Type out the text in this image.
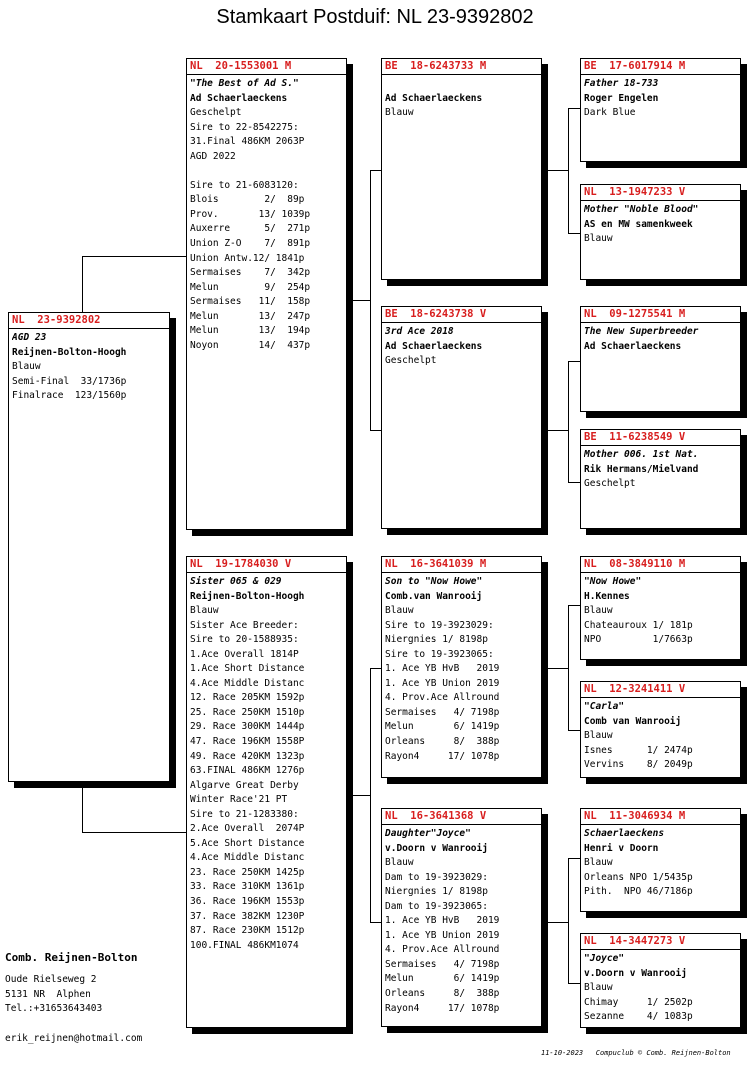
Stamkaart Postduif: NL 23-9392802
NL  23-9392802
AGD 23
Reijnen-Bolton-Hoogh
Blauw
Semi-Final  33/1736p
Finalrace  123/1560p
NL  20-1553001 M
"The Best of Ad S."
Ad Schaerlaeckens
Geschelpt
Sire to 22-8542275:
31.Final 486KM 2063P
AGD 2022
Sire to 21-6083120:
Blois        2/  89p
Prov.       13/ 1039p
Auxerre      5/  271p
Union Z-O    7/  891p
Union Antw.12/ 1841p
Sermaises    7/  342p
Melun        9/  254p
Sermaises   11/  158p
Melun       13/  247p
Melun       13/  194p
Noyon       14/  437p
NL  19-1784030 V
Sister 065 & 029
Reijnen-Bolton-Hoogh
Blauw
Sister Ace Breeder:
Sire to 20-1588935:
1.Ace Overall 1814P
1.Ace Short Distance
4.Ace Middle Distanc
12. Race 205KM 1592p
25. Race 250KM 1510p
29. Race 300KM 1444p
47. Race 196KM 1558P
49. Race 420KM 1323p
63.FINAL 486KM 1276p
Algarve Great Derby
Winter Race'21 PT
Sire to 21-1283380:
2.Ace Overall  2074P
5.Ace Short Distance
4.Ace Middle Distanc
23. Race 250KM 1425p
33. Race 310KM 1361p
36. Race 196KM 1553p
37. Race 382KM 1230P
87. Race 230KM 1512p
100.FINAL 486KM1074
BE  18-6243733 M
Ad Schaerlaeckens
Blauw
BE  18-6243738 V
3rd Ace 2018
Ad Schaerlaeckens
Geschelpt
NL  16-3641039 M
Son to "Now Howe"
Comb.van Wanrooij
Blauw
Sire to 19-3923029:
Niergnies 1/ 8198p
Sire to 19-3923065:
1. Ace YB HvB   2019
1. Ace YB Union 2019
4. Prov.Ace Allround
Sermaises   4/ 7198p
Melun       6/ 1419p
Orleans     8/  388p
Rayon4     17/ 1078p
NL  16-3641368 V
Daughter"Joyce"
v.Doorn v Wanrooij
Blauw
Dam to 19-3923029:
Niergnies 1/ 8198p
Dam to 19-3923065:
1. Ace YB HvB   2019
1. Ace YB Union 2019
4. Prov.Ace Allround
Sermaises   4/ 7198p
Melun       6/ 1419p
Orleans     8/  388p
Rayon4     17/ 1078p
BE  17-6017914 M
Father 18-733
Roger Engelen
Dark Blue
NL  13-1947233 V
Mother "Noble Blood"
AS en MW samenkweek
Blauw
NL  09-1275541 M
The New Superbreeder
Ad Schaerlaeckens
BE  11-6238549 V
Mother 006. 1st Nat.
Rik Hermans/Mielvand
Geschelpt
NL  08-3849110 M
"Now Howe"
H.Kennes
Blauw
Chateauroux 1/ 181p
NPO         1/7663p
NL  12-3241411 V
"Carla"
Comb van Wanrooij
Blauw
Isnes      1/ 2474p
Vervins    8/ 2049p
NL  11-3046934 M
Schaerlaeckens
Henri v Doorn
Blauw
Orleans NPO 1/5435p
Pith.  NPO 46/7186p
NL  14-3447273 V
"Joyce"
v.Doorn v Wanrooij
Blauw
Chimay     1/ 2502p
Sezanne    4/ 1083p
Comb. Reijnen-Bolton
Oude Rielseweg 2
5131 NR  Alphen
Tel.:+31653643403
erik_reijnen@hotmail.com
11-10-2023   Compuclub © Comb. Reijnen-Bolton
